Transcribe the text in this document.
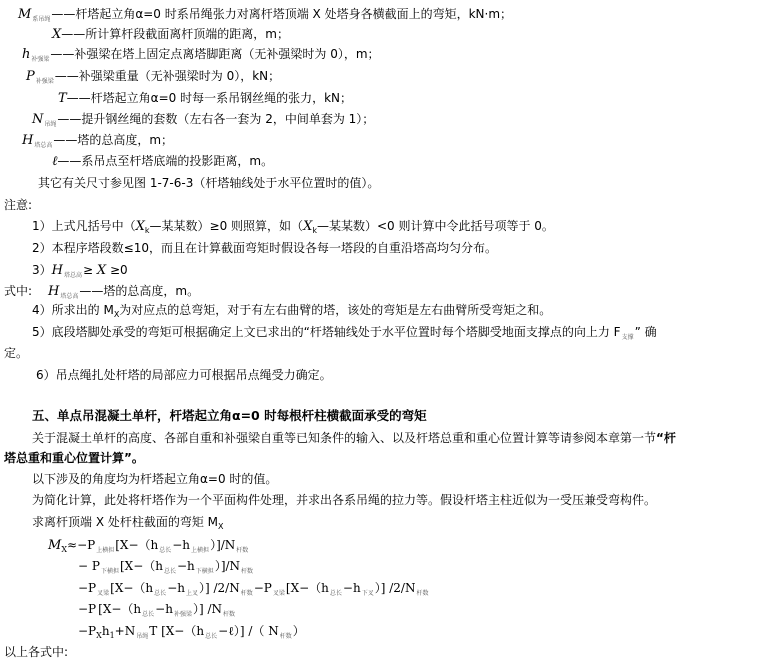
$M_{系吊绳}——$杆塔起立角α=0 时系吊绳张力对离杆塔顶端 X 处塔身各横截面上的弯矩，kN·m；
X——所计算杆段截面离杆顶端的距离，m；
$h_{补强梁}——$补强梁在塔上固定点离塔脚距离（无补强梁时为 0），m；
$P_{补强梁}——$补强梁重量（无补强梁时为 0），kN；
T——杆塔起立角α=0 时每一系吊钢丝绳的张力，kN；
$N_{吊绳}——$提升钢丝绳的套数（左右各一套为 2，中间单套为 1）；
$H_{塔总高}——$塔的总高度，m；
ℓ——系吊点至杆塔底端的投影距离，m。
其它有关尺寸参见图 1-7-6-3（杆塔轴线处于水平位置时的值）。
注意:
1）上式凡括号中（$X_k—$某某数）≥0 则照算，如（$X_k—$某某数）<0 则计算中令此括号项等于 0。
2）本程序塔段数≤10，而且在计算截面弯矩时假设各每一塔段的自重沿塔高均匀分布。
$3)H_{塔总高}\ge X \ge 0$
式中: $H_{塔总高}——$塔的总高度，m。
4）所求出的 $M_X$为对应点的总弯矩，对于有左右曲臂的塔，该处的弯矩是左右曲臂所受弯矩之和。
5）底段塔脚处承受的弯矩可根据确定上文已求出的“杆塔轴线处于水平位置时每个塔脚受地面支撑点的向上力 $F_{支撑}$” 确
定。
6）吊点绳扎处杆塔的局部应力可根据吊点绳受力确定。
五、单点吊混凝土单杆，杆塔起立角α=0 时每根杆柱横截面承受的弯矩
关于混凝土单杆的高度、各部自重和补强梁自重等已知条件的输入、以及杆塔总重和重心位置计算等请参阅本章第一节“杆
塔总重和重心位置计算”。
以下涉及的角度均为杆塔起立角α=0 时的值。
为简化计算，此处将杆塔作为一个平面构件处理，并求出各系吊绳的拉力等。假设杆塔主柱近似为一受压兼受弯构件。
求离杆顶端 X 处杆柱截面的弯矩 $M_X$
$M_X\approx-P_{上横担}[X-(h_{总长}-h_{上横担})]/N_{杆数}$
− $P_{下横担}[X-(h_{总长}-h_{下横担})]/N_{杆数}$
$-P_{叉梁}[X-(h_{总长}-h_{上叉})]$ $/2/N_{杆数}-P_{叉梁}[X-(h_{总长}-h_{下叉})]$ $/2/N_{杆数}$
−P $[X-(h_{总长}-h_{补强梁})]$ $/N_{杆数}$
$-P_Xh_1+N_{吊绳}T$ $[X-(h_{总长}-\ell)]$ /（ $N_{杆数}$）
以上各式中:
